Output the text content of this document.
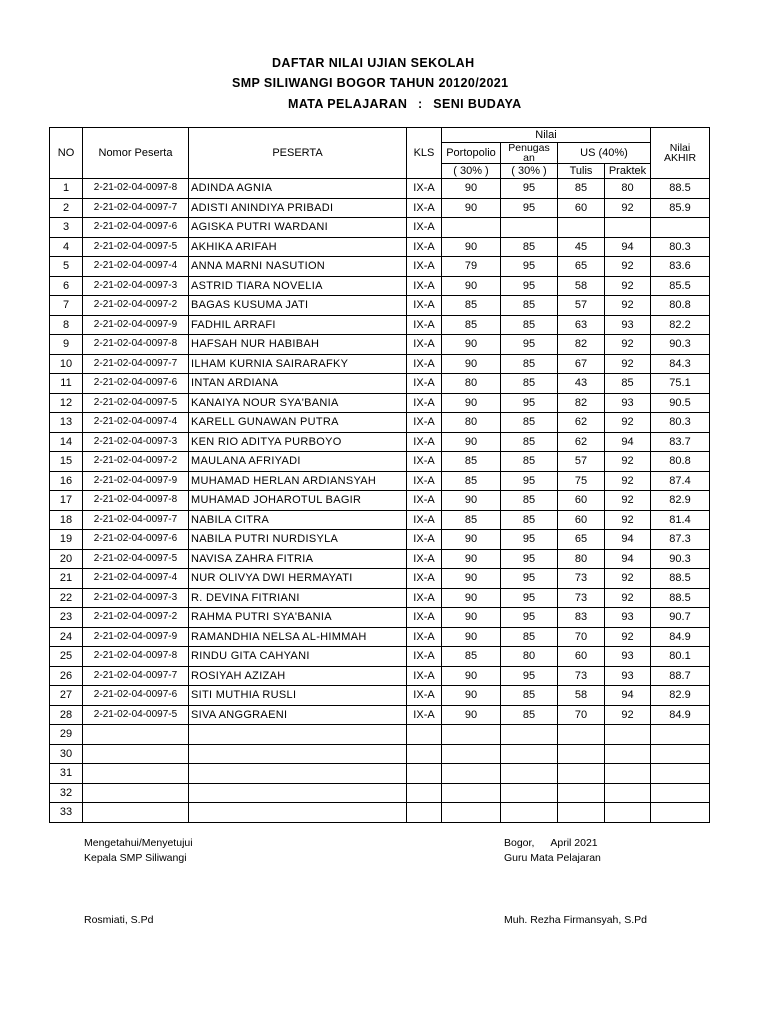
DAFTAR NILAI UJIAN SEKOLAH
SMP SILIWANGI BOGOR TAHUN 20120/2021
MATA PELAJARAN : SENI BUDAYA
NO	Nomor Peserta	PESERTA	KLS	Nilai				Nilai AKHIR
				Portopolio	Penugas an	US (40%)		
				( 30% )	( 30% )	Tulis	Praktek	
1	2-21-02-04-0097-8	ADINDA AGNIA	IX-A	90	95	85	80	88.5
2	2-21-02-04-0097-7	ADISTI ANINDIYA PRIBADI	IX-A	90	95	60	92	85.9
3	2-21-02-04-0097-6	AGISKA PUTRI WARDANI	IX-A					
4	2-21-02-04-0097-5	AKHIKA ARIFAH	IX-A	90	85	45	94	80.3
5	2-21-02-04-0097-4	ANNA MARNI NASUTION	IX-A	79	95	65	92	83.6
6	2-21-02-04-0097-3	ASTRID TIARA NOVELIA	IX-A	90	95	58	92	85.5
7	2-21-02-04-0097-2	BAGAS KUSUMA JATI	IX-A	85	85	57	92	80.8
8	2-21-02-04-0097-9	FADHIL ARRAFI	IX-A	85	85	63	93	82.2
9	2-21-02-04-0097-8	HAFSAH NUR HABIBAH	IX-A	90	95	82	92	90.3
10	2-21-02-04-0097-7	ILHAM KURNIA SAIRARAFKY	IX-A	90	85	67	92	84.3
11	2-21-02-04-0097-6	INTAN ARDIANA	IX-A	80	85	43	85	75.1
12	2-21-02-04-0097-5	KANAIYA NOUR SYA'BANIA	IX-A	90	95	82	93	90.5
13	2-21-02-04-0097-4	KARELL GUNAWAN PUTRA	IX-A	80	85	62	92	80.3
14	2-21-02-04-0097-3	KEN RIO ADITYA PURBOYO	IX-A	90	85	62	94	83.7
15	2-21-02-04-0097-2	MAULANA AFRIYADI	IX-A	85	85	57	92	80.8
16	2-21-02-04-0097-9	MUHAMAD HERLAN ARDIANSYAH	IX-A	85	95	75	92	87.4
17	2-21-02-04-0097-8	MUHAMAD JOHAROTUL BAGIR	IX-A	90	85	60	92	82.9
18	2-21-02-04-0097-7	NABILA CITRA	IX-A	85	85	60	92	81.4
19	2-21-02-04-0097-6	NABILA PUTRI NURDISYLA	IX-A	90	95	65	94	87.3
20	2-21-02-04-0097-5	NAVISA ZAHRA FITRIA	IX-A	90	95	80	94	90.3
21	2-21-02-04-0097-4	NUR OLIVYA DWI HERMAYATI	IX-A	90	95	73	92	88.5
22	2-21-02-04-0097-3	R. DEVINA FITRIANI	IX-A	90	95	73	92	88.5
23	2-21-02-04-0097-2	RAHMA PUTRI SYA'BANIA	IX-A	90	95	83	93	90.7
24	2-21-02-04-0097-9	RAMANDHIA NELSA AL-HIMMAH	IX-A	90	85	70	92	84.9
25	2-21-02-04-0097-8	RINDU GITA CAHYANI	IX-A	85	80	60	93	80.1
26	2-21-02-04-0097-7	ROSIYAH AZIZAH	IX-A	90	95	73	93	88.7
27	2-21-02-04-0097-6	SITI MUTHIA RUSLI	IX-A	90	85	58	94	82.9
28	2-21-02-04-0097-5	SIVA ANGGRAENI	IX-A	90	85	70	92	84.9
29								
30								
31								
32								
33								
Mengetahui/Menyetujui
Kepala SMP Siliwangi
Bogor, April 2021
Guru Mata Pelajaran
Rosmiati, S.Pd	Muh. Rezha Firmansyah, S.Pd
